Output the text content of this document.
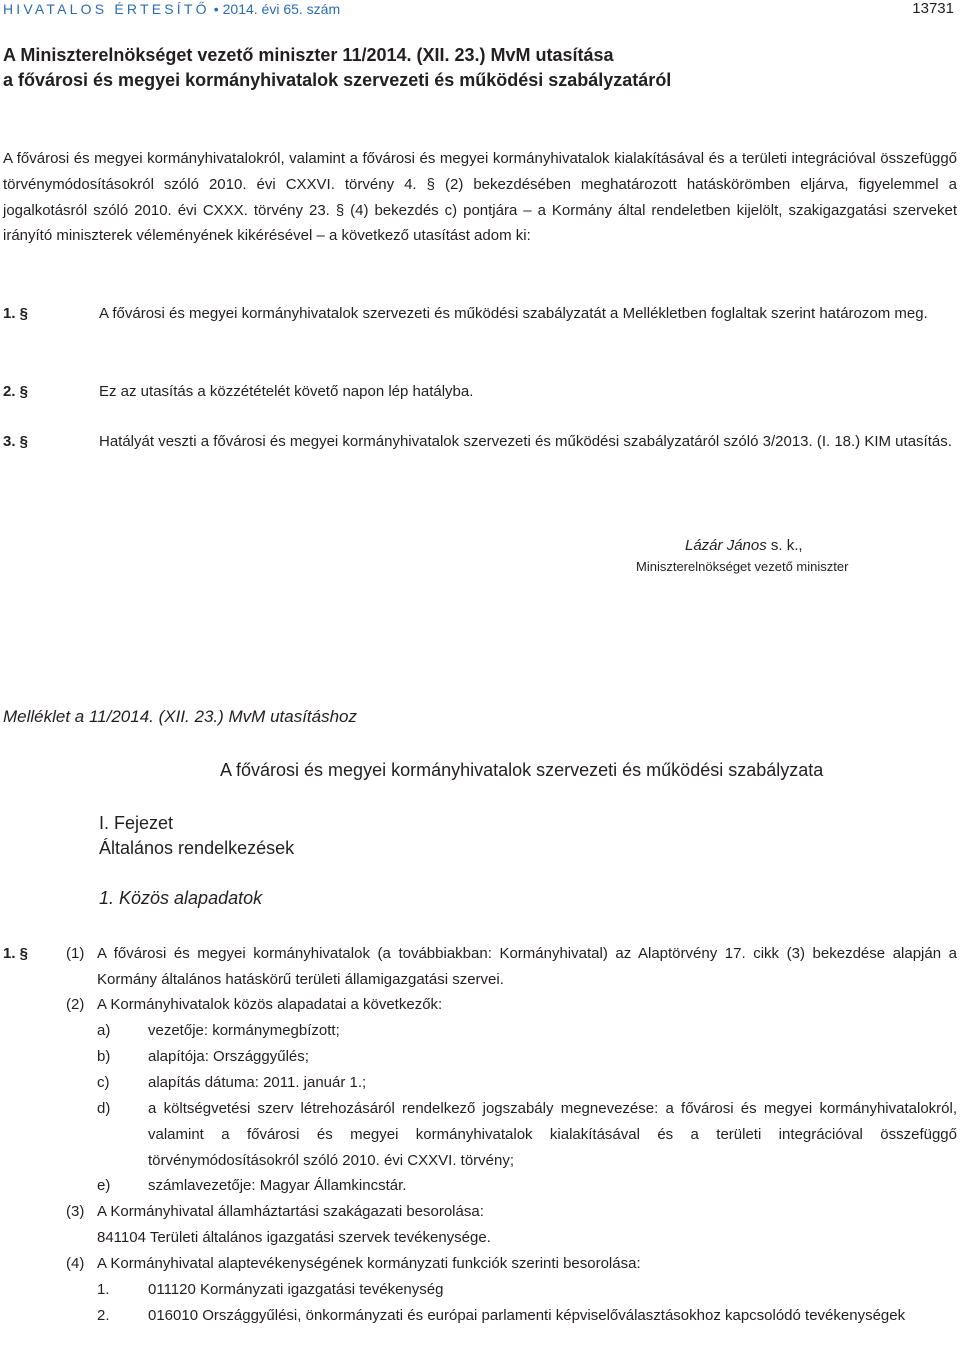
HIVATALOS ÉRTESÍTŐ • 2014. évi 65. szám	13731
A Miniszterelnökséget vezető miniszter 11/2014. (XII. 23.) MvM utasítása
a fővárosi és megyei kormányhivatalok szervezeti és működési szabályzatáról
A fővárosi és megyei kormányhivatalokról, valamint a fővárosi és megyei kormányhivatalok kialakításával és a területi integrációval összefüggő törvénymódosításokról szóló 2010. évi CXXVI. törvény 4. § (2) bekezdésében meghatározott hatáskörömben eljárva, figyelemmel a jogalkotásról szóló 2010. évi CXXX. törvény 23. § (4) bekezdés c) pontjára – a Kormány által rendeletben kijelölt, szakigazgatási szerveket irányító miniszterek véleményének kikérésével – a következő utasítást adom ki:
1. §	A fővárosi és megyei kormányhivatalok szervezeti és működési szabályzatát a Mellékletben foglaltak szerint határozom meg.
2. §	Ez az utasítás a közzétételét követő napon lép hatályba.
3. §	Hatályát veszti a fővárosi és megyei kormányhivatalok szervezeti és működési szabályzatáról szóló 3/2013. (I. 18.) KIM utasítás.
Lázár János s. k.,
Miniszterelnökséget vezető miniszter
Melléklet a 11/2014. (XII. 23.) MvM utasításhoz
A fővárosi és megyei kormányhivatalok szervezeti és működési szabályzata
I. Fejezet
Általános rendelkezések
1. Közös alapadatok
1. §	(1) A fővárosi és megyei kormányhivatalok (a továbbiakban: Kormányhivatal) az Alaptörvény 17. cikk (3) bekezdése alapján a Kormány általános hatáskörű területi államigazgatási szervei.
(2) A Kormányhivatalok közös alapadatai a következők:
a)	vezetője: kormánymegbízott;
b)	alapítója: Országgyűlés;
c)	alapítás dátuma: 2011. január 1.;
d)	a költségvetési szerv létrehozásáról rendelkező jogszabály megnevezése: a fővárosi és megyei kormányhivatalokról, valamint a fővárosi és megyei kormányhivatalok kialakításával és a területi integrációval összefüggő törvénymódosításokról szóló 2010. évi CXXVI. törvény;
e)	számlavezetője: Magyar Államkincstár.
(3) A Kormányhivatal államháztartási szakágazati besorolása:
841104 Területi általános igazgatási szervek tevékenysége.
(4) A Kormányhivatal alaptevékenységének kormányzati funkciók szerinti besorolása:
1.	011120 Kormányzati igazgatási tevékenység
2.	016010 Országgyűlési, önkormányzati és európai parlamenti képviselőválasztásokhoz kapcsolódó tevékenységek
